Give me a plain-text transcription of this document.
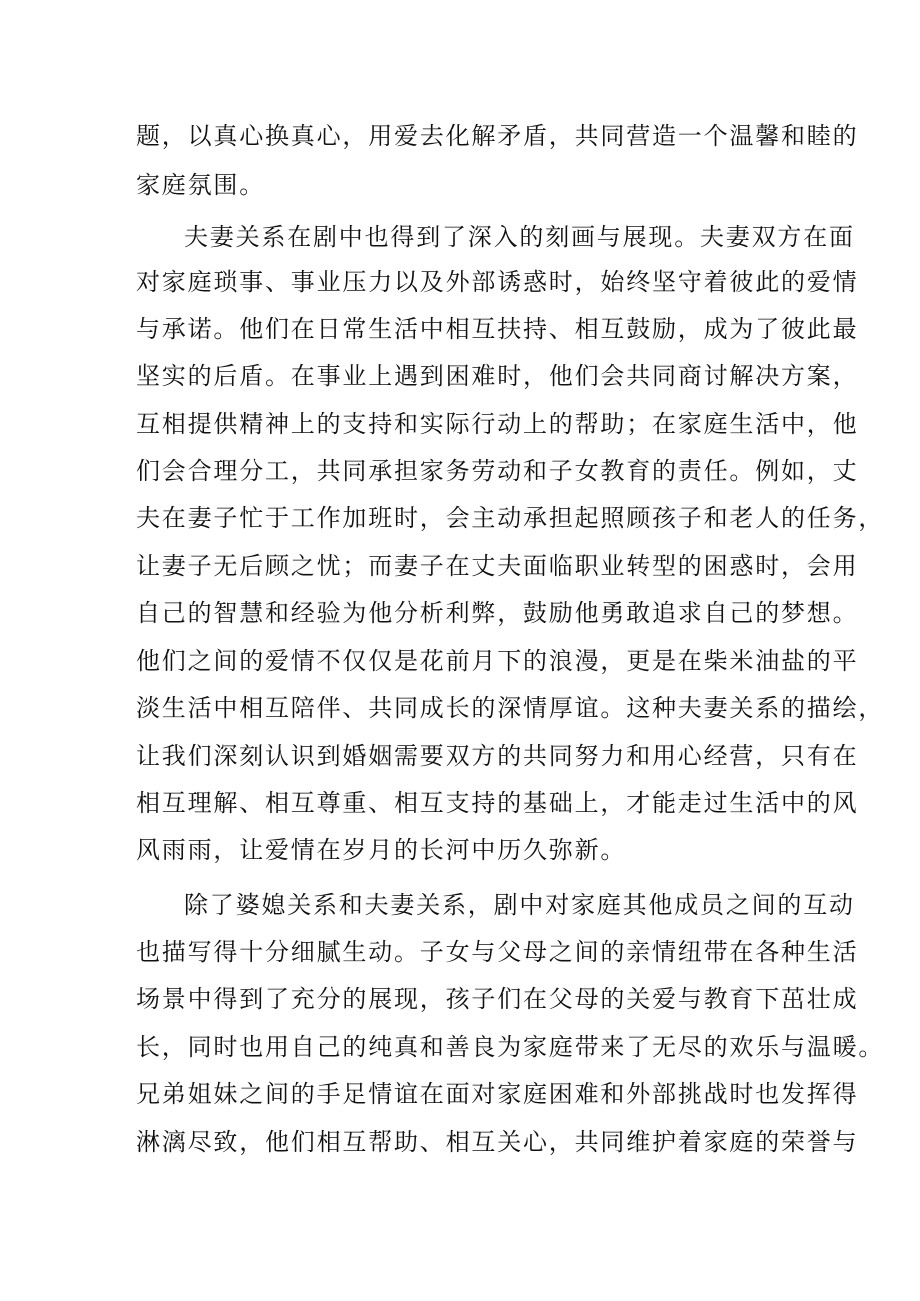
题，以真心换真心，用爱去化解矛盾，共同营造一个温馨和睦的
家庭氛围。
夫妻关系在剧中也得到了深入的刻画与展现。夫妻双方在面
对家庭琐事、事业压力以及外部诱惑时，始终坚守着彼此的爱情
与承诺。他们在日常生活中相互扶持、相互鼓励，成为了彼此最
坚实的后盾。在事业上遇到困难时，他们会共同商讨解决方案，
互相提供精神上的支持和实际行动上的帮助；在家庭生活中，他
们会合理分工，共同承担家务劳动和子女教育的责任。例如，丈
夫在妻子忙于工作加班时，会主动承担起照顾孩子和老人的任务，
让妻子无后顾之忧；而妻子在丈夫面临职业转型的困惑时，会用
自己的智慧和经验为他分析利弊，鼓励他勇敢追求自己的梦想。
他们之间的爱情不仅仅是花前月下的浪漫，更是在柴米油盐的平
淡生活中相互陪伴、共同成长的深情厚谊。这种夫妻关系的描绘，
让我们深刻认识到婚姻需要双方的共同努力和用心经营，只有在
相互理解、相互尊重、相互支持的基础上，才能走过生活中的风
风雨雨，让爱情在岁月的长河中历久弥新。
除了婆媳关系和夫妻关系，剧中对家庭其他成员之间的互动
也描写得十分细腻生动。子女与父母之间的亲情纽带在各种生活
场景中得到了充分的展现，孩子们在父母的关爱与教育下茁壮成
长，同时也用自己的纯真和善良为家庭带来了无尽的欢乐与温暖。
兄弟姐妹之间的手足情谊在面对家庭困难和外部挑战时也发挥得
淋漓尽致，他们相互帮助、相互关心，共同维护着家庭的荣誉与
